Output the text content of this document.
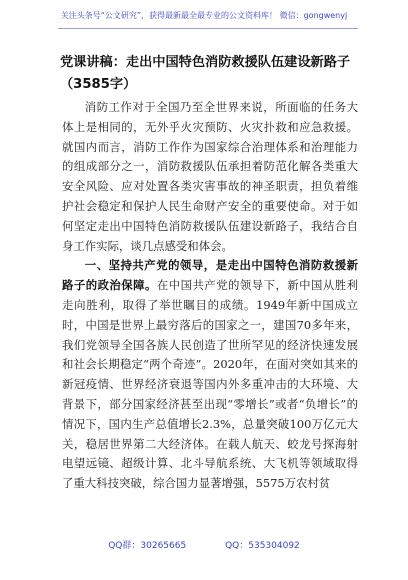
关注头条号“公文研究”，获得最新最全最专业的公文资料库！ 微信：gongwenyj
党课讲稿：走出中国特色消防救援队伍建设新路子（3585字）

消防工作对于全国乃至全世界来说，所面临的任务大体上是相同的，无外乎火灾预防、火灾扑救和应急救援。就国内而言，消防工作作为国家综合治理体系和治理能力的组成部分之一，消防救援队伍承担着防范化解各类重大安全风险、应对处置各类灾害事故的神圣职责，担负着维护社会稳定和保护人民生命财产安全的重要使命。对于如何坚定走出中国特色消防救援队伍建设新路子，我结合自身工作实际，谈几点感受和体会。

一、坚持共产党的领导，是走出中国特色消防救援新路子的政治保障。在中国共产党的领导下，新中国从胜利走向胜利，取得了举世瞩目的成绩。1949年新中国成立时，中国是世界上最穷落后的国家之一，建国70多年来，我们党领导全国各族人民创造了世所罕见的经济快速发展和社会长期稳定“两个奇迹”。2020年，在面对突如其来的新冠疫情、世界经济衰退等国内外多重冲击的大环境、大背景下，部分国家经济甚至出现“零增长”或者“负增长”的情况下，国内生产总值增长2.3%，总量突破100万亿元大关，稳居世界第二大经济体。在载人航天、蛟龙号探海射电望远镜、超级计算、北斗导航系统、大飞机等领域取得了重大科技突破，综合国力显著增强，5575万农村贫

QQ群：30265665	QQ：535304092
